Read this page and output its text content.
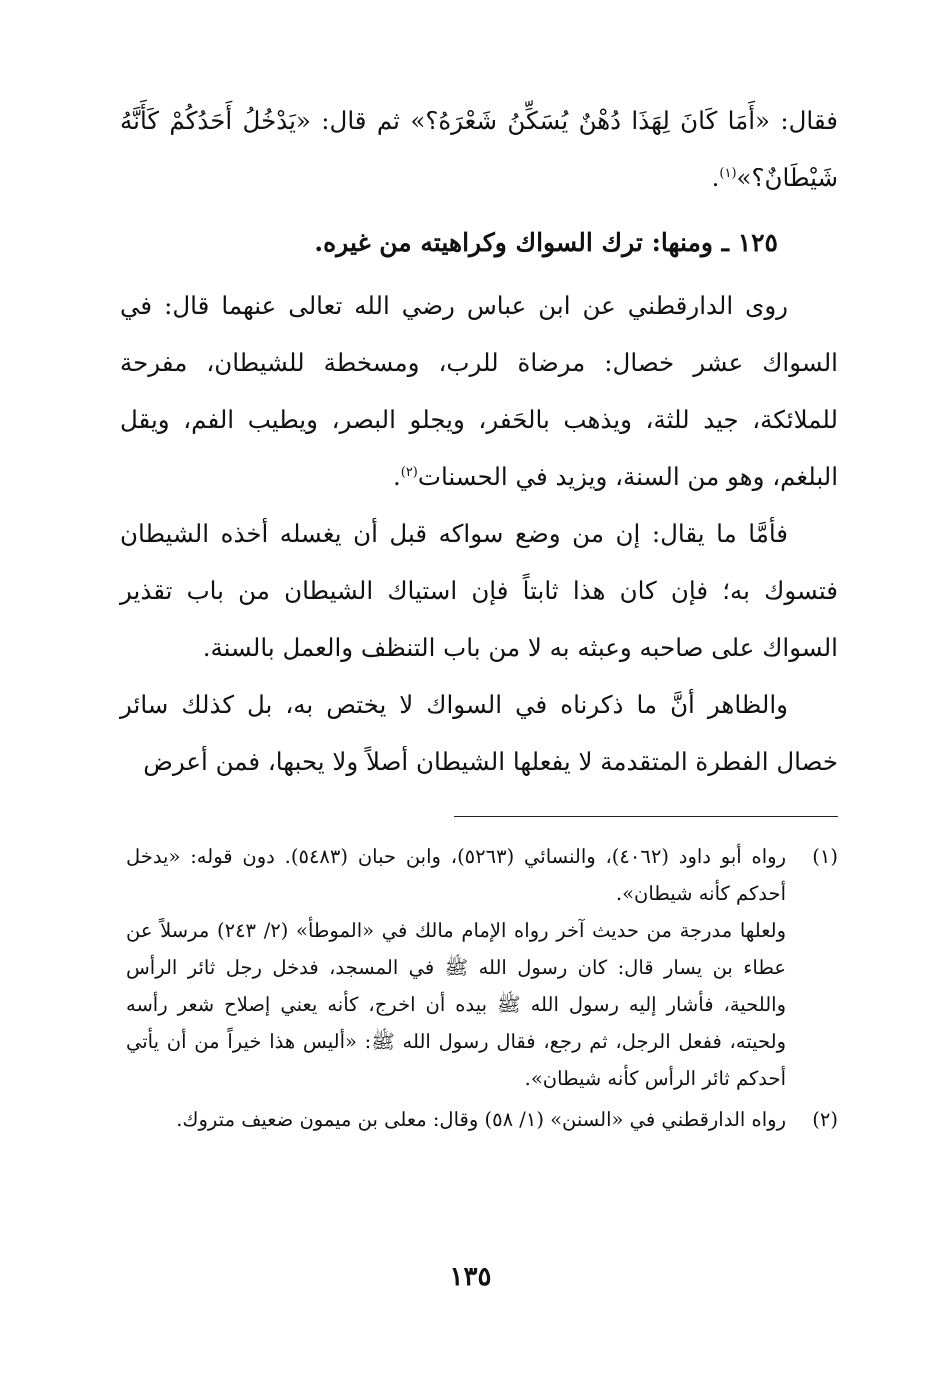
فقال: «أَمَا كَانَ لِهَذَا دُهْنٌ يُسَكِّنُ شَعْرَهُ؟» ثم قال: «يَدْخُلُ أَحَدُكُمْ كَأَنَّهُ شَيْطَانٌ؟»$^{(١)}$.

١٢٥ ـ ومنها: ترك السواك وكراهيته من غيره.

روى الدارقطني عن ابن عباس رضي الله تعالى عنهما قال: في السواك عشر خصال: مرضاة للرب، ومسخطة للشيطان، مفرحة للملائكة، جيد للثة، ويذهب بالحَفر، ويجلو البصر، ويطيب الفم، ويقل البلغم، وهو من السنة، ويزيد في الحسنات$^{(٢)}$.

فأمَّا ما يقال: إن من وضع سواكه قبل أن يغسله أخذه الشيطان فتسوك به؛ فإن كان هذا ثابتاً فإن استياك الشيطان من باب تقذير السواك على صاحبه وعبثه به لا من باب التنظف والعمل بالسنة.

والظاهر أنَّ ما ذكرناه في السواك لا يختص به، بل كذلك سائر خصال الفطرة المتقدمة لا يفعلها الشيطان أصلاً ولا يحبها، فمن أعرض

(١)

رواه أبو داود (٤٠٦٢)، والنسائي (٥٢٦٣)، وابن حبان (٥٤٨٣). دون قوله: «يدخل أحدكم كأنه شيطان».

ولعلها مدرجة من حديث آخر رواه الإمام مالك في «الموطأ» (٢/ ٢٤٣) مرسلاً عن عطاء بن يسار قال: كان رسول الله ﷺ في المسجد، فدخل رجل ثائر الرأس واللحية، فأشار إليه رسول الله ﷺ بيده أن اخرج، كأنه يعني إصلاح شعر رأسه ولحيته، ففعل الرجل، ثم رجع، فقال رسول الله ﷺ: «أليس هذا خيراً من أن يأتي أحدكم ثائر الرأس كأنه شيطان».

(٢)

رواه الدارقطني في «السنن» (١/ ٥٨) وقال: معلى بن ميمون ضعيف متروك.

١٣٥
